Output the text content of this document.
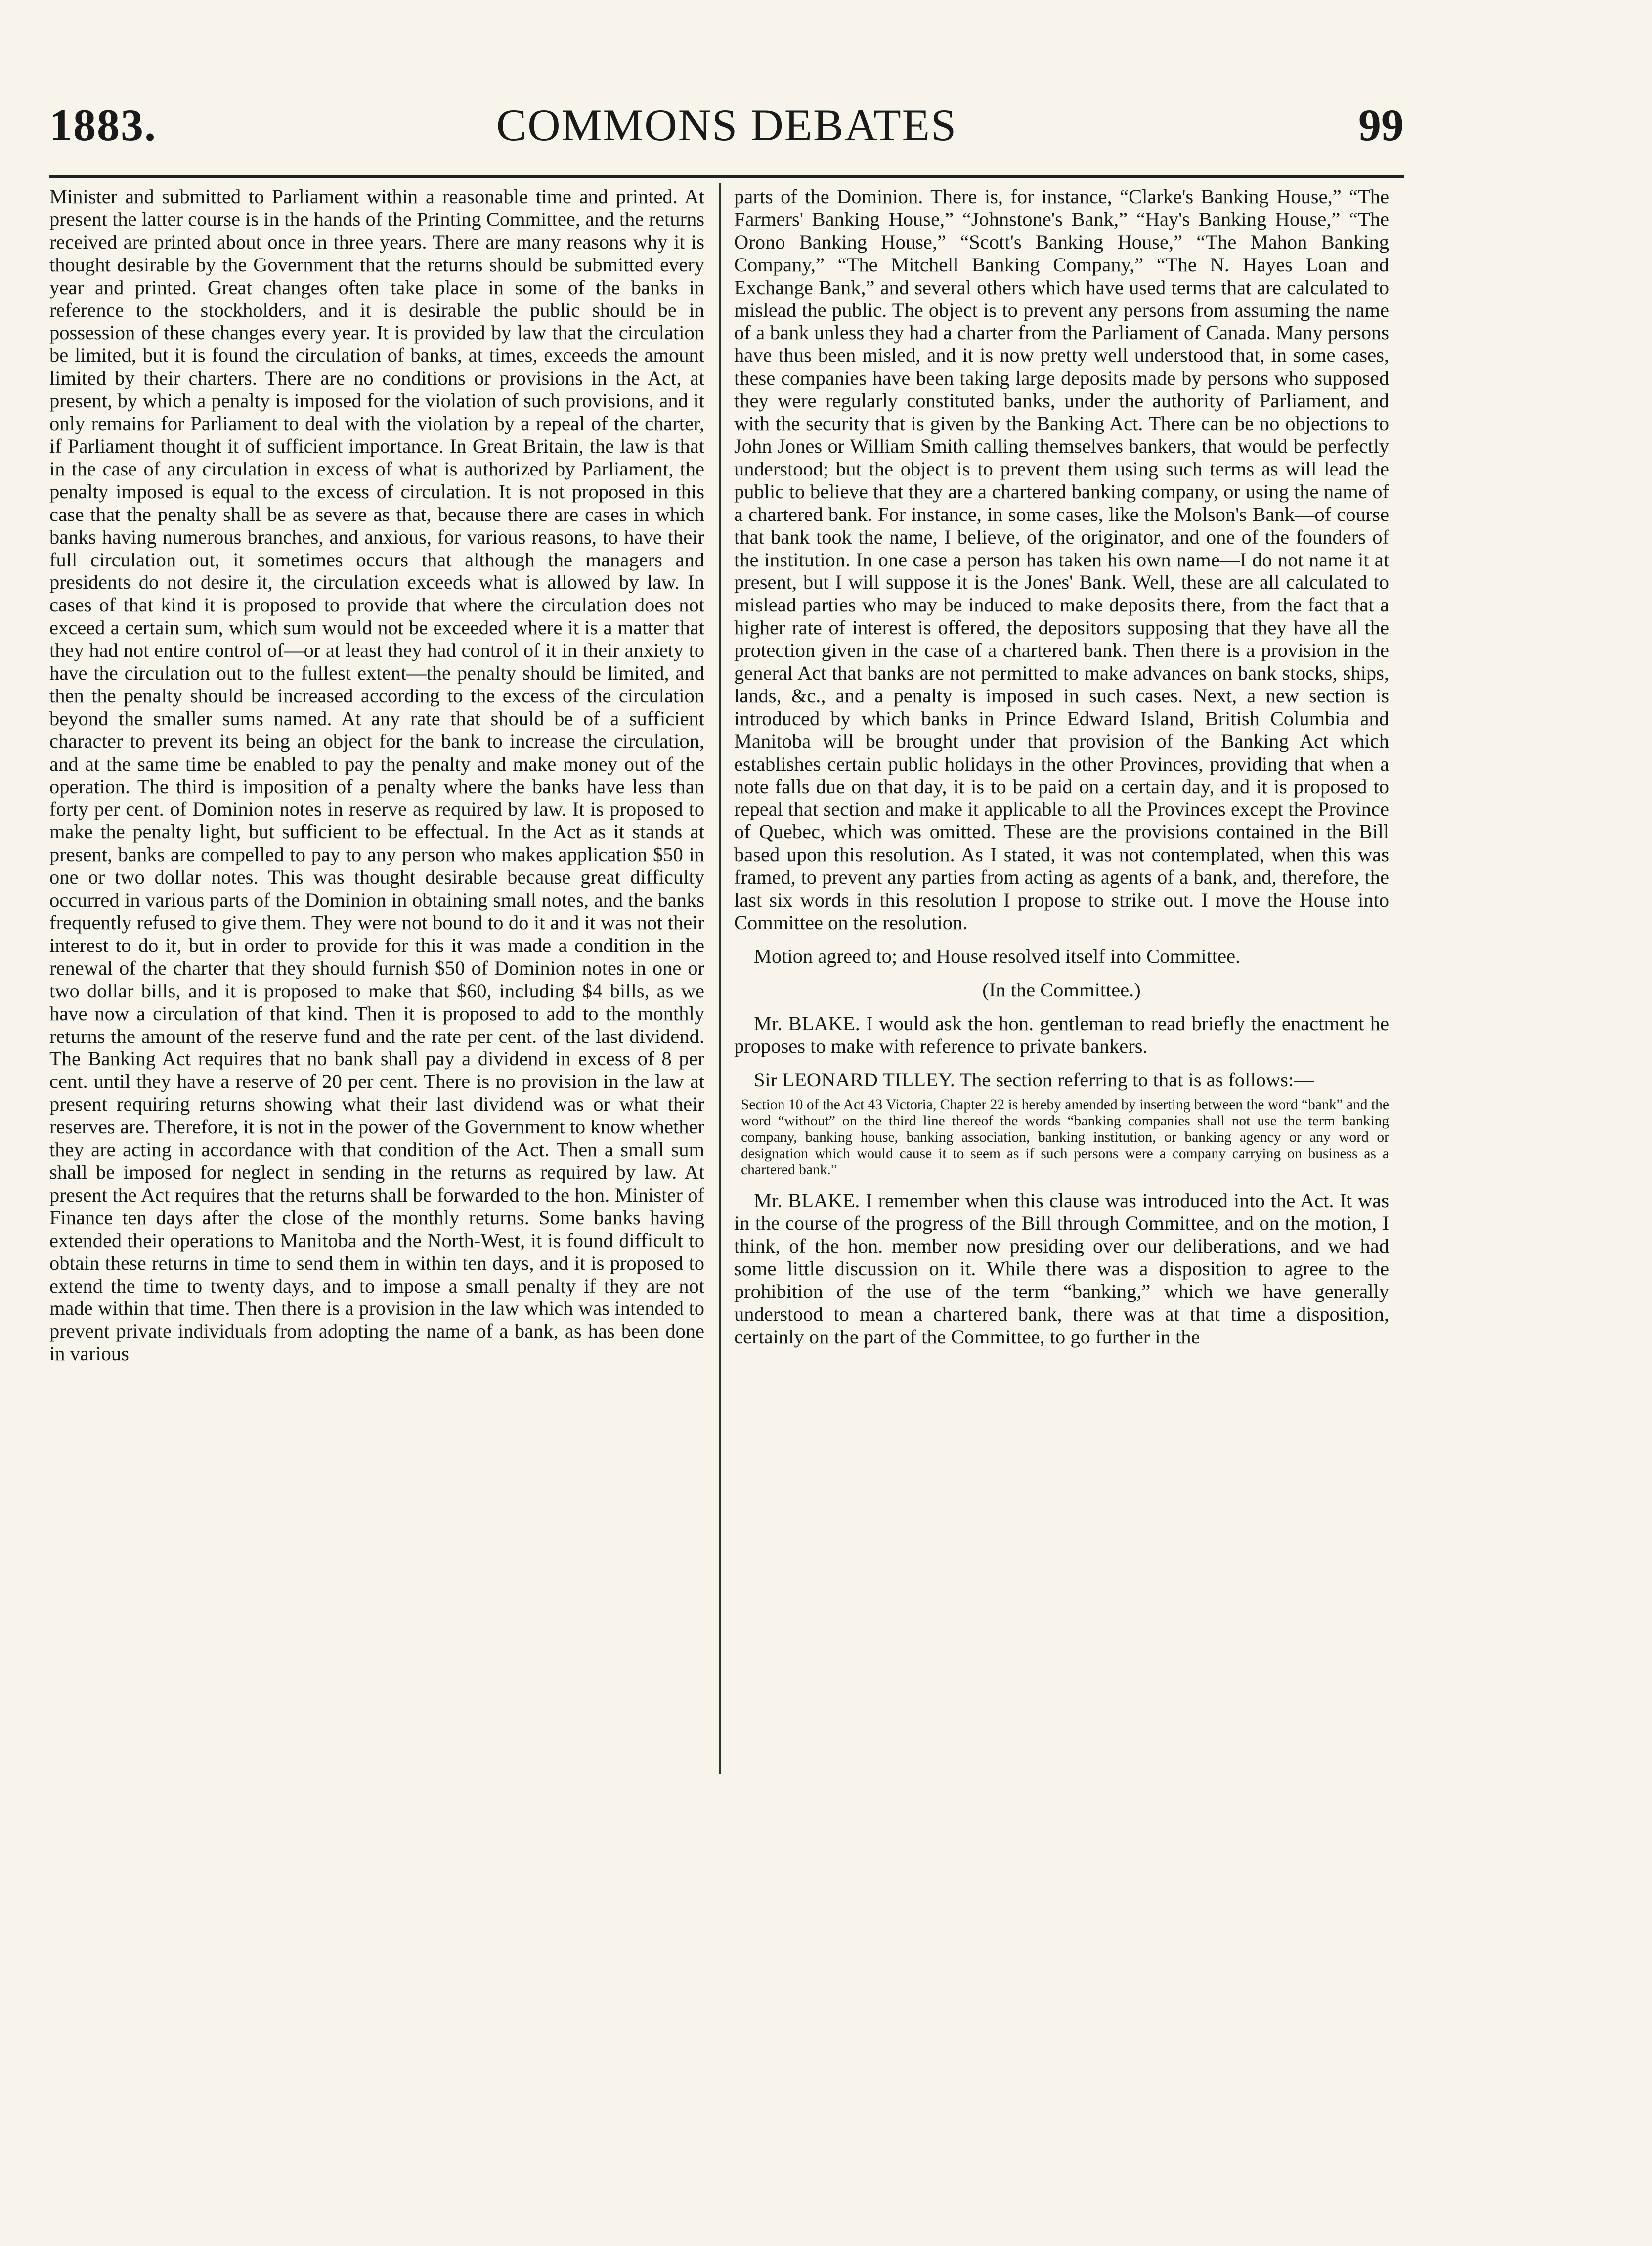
1883.	COMMONS DEBATES	99

Minister and submitted to Parliament within a reasonable time and printed. At present the latter course is in the hands of the Printing Committee, and the returns received are printed about once in three years. There are many reasons why it is thought desirable by the Government that the returns should be submitted every year and printed. Great changes often take place in some of the banks in reference to the stockholders, and it is desirable the public should be in possession of these changes every year. It is provided by law that the circulation be limited, but it is found the circulation of banks, at times, exceeds the amount limited by their charters. There are no conditions or provisions in the Act, at present, by which a penalty is imposed for the violation of such provisions, and it only remains for Parliament to deal with the violation by a repeal of the charter, if Parliament thought it of sufficient importance. In Great Britain, the law is that in the case of any circulation in excess of what is authorized by Parliament, the penalty imposed is equal to the excess of circulation. It is not proposed in this case that the penalty shall be as severe as that, because there are cases in which banks having numerous branches, and anxious, for various reasons, to have their full circulation out, it sometimes occurs that although the managers and presidents do not desire it, the circulation exceeds what is allowed by law. In cases of that kind it is proposed to provide that where the circulation does not exceed a certain sum, which sum would not be exceeded where it is a matter that they had not entire control of—or at least they had control of it in their anxiety to have the circulation out to the fullest extent—the penalty should be limited, and then the penalty should be increased according to the excess of the circulation beyond the smaller sums named. At any rate that should be of a sufficient character to prevent its being an object for the bank to increase the circulation, and at the same time be enabled to pay the penalty and make money out of the operation. The third is imposition of a penalty where the banks have less than forty per cent. of Dominion notes in reserve as required by law. It is proposed to make the penalty light, but sufficient to be effectual. In the Act as it stands at present, banks are compelled to pay to any person who makes application $50 in one or two dollar notes. This was thought desirable because great difficulty occurred in various parts of the Dominion in obtaining small notes, and the banks frequently refused to give them. They were not bound to do it and it was not their interest to do it, but in order to provide for this it was made a condition in the renewal of the charter that they should furnish $50 of Dominion notes in one or two dollar bills, and it is proposed to make that $60, including $4 bills, as we have now a circulation of that kind. Then it is proposed to add to the monthly returns the amount of the reserve fund and the rate per cent. of the last dividend. The Banking Act requires that no bank shall pay a dividend in excess of 8 per cent. until they have a reserve of 20 per cent. There is no provision in the law at present requiring returns showing what their last dividend was or what their reserves are. Therefore, it is not in the power of the Government to know whether they are acting in accordance with that condition of the Act. Then a small sum shall be imposed for neglect in sending in the returns as required by law. At present the Act requires that the returns shall be forwarded to the hon. Minister of Finance ten days after the close of the monthly returns. Some banks having extended their operations to Manitoba and the North-West, it is found difficult to obtain these returns in time to send them in within ten days, and it is proposed to extend the time to twenty days, and to impose a small penalty if they are not made within that time. Then there is a provision in the law which was intended to prevent private individuals from adopting the name of a bank, as has been done in various

parts of the Dominion. There is, for instance, “Clarke's Banking House,” “The Farmers' Banking House,” “Johnstone's Bank,” “Hay's Banking House,” “The Orono Banking House,” “Scott's Banking House,” “The Mahon Banking Company,” “The Mitchell Banking Company,” “The N. Hayes Loan and Exchange Bank,” and several others which have used terms that are calculated to mislead the public. The object is to prevent any persons from assuming the name of a bank unless they had a charter from the Parliament of Canada. Many persons have thus been misled, and it is now pretty well understood that, in some cases, these companies have been taking large deposits made by persons who supposed they were regularly constituted banks, under the authority of Parliament, and with the security that is given by the Banking Act. There can be no objections to John Jones or William Smith calling themselves bankers, that would be perfectly understood; but the object is to prevent them using such terms as will lead the public to believe that they are a chartered banking company, or using the name of a chartered bank. For instance, in some cases, like the Molson's Bank—of course that bank took the name, I believe, of the originator, and one of the founders of the institution. In one case a person has taken his own name—I do not name it at present, but I will suppose it is the Jones' Bank. Well, these are all calculated to mislead parties who may be induced to make deposits there, from the fact that a higher rate of interest is offered, the depositors supposing that they have all the protection given in the case of a chartered bank. Then there is a provision in the general Act that banks are not permitted to make advances on bank stocks, ships, lands, &c., and a penalty is imposed in such cases. Next, a new section is introduced by which banks in Prince Edward Island, British Columbia and Manitoba will be brought under that provision of the Banking Act which establishes certain public holidays in the other Provinces, providing that when a note falls due on that day, it is to be paid on a certain day, and it is proposed to repeal that section and make it applicable to all the Provinces except the Province of Quebec, which was omitted. These are the provisions contained in the Bill based upon this resolution. As I stated, it was not contemplated, when this was framed, to prevent any parties from acting as agents of a bank, and, therefore, the last six words in this resolution I propose to strike out. I move the House into Committee on the resolution.

Motion agreed to; and House resolved itself into Committee.

(In the Committee.)

Mr. BLAKE. I would ask the hon. gentleman to read briefly the enactment he proposes to make with reference to private bankers.

Sir LEONARD TILLEY. The section referring to that is as follows:—

Section 10 of the Act 43 Victoria, Chapter 22 is hereby amended by inserting between the word “bank” and the word “without” on the third line thereof the words “banking companies shall not use the term banking company, banking house, banking association, banking institution, or banking agency or any word or designation which would cause it to seem as if such persons were a company carrying on business as a chartered bank.”

Mr. BLAKE. I remember when this clause was introduced into the Act. It was in the course of the progress of the Bill through Committee, and on the motion, I think, of the hon. member now presiding over our deliberations, and we had some little discussion on it. While there was a disposition to agree to the prohibition of the use of the term “banking,” which we have generally understood to mean a chartered bank, there was at that time a disposition, certainly on the part of the Committee, to go further in the
